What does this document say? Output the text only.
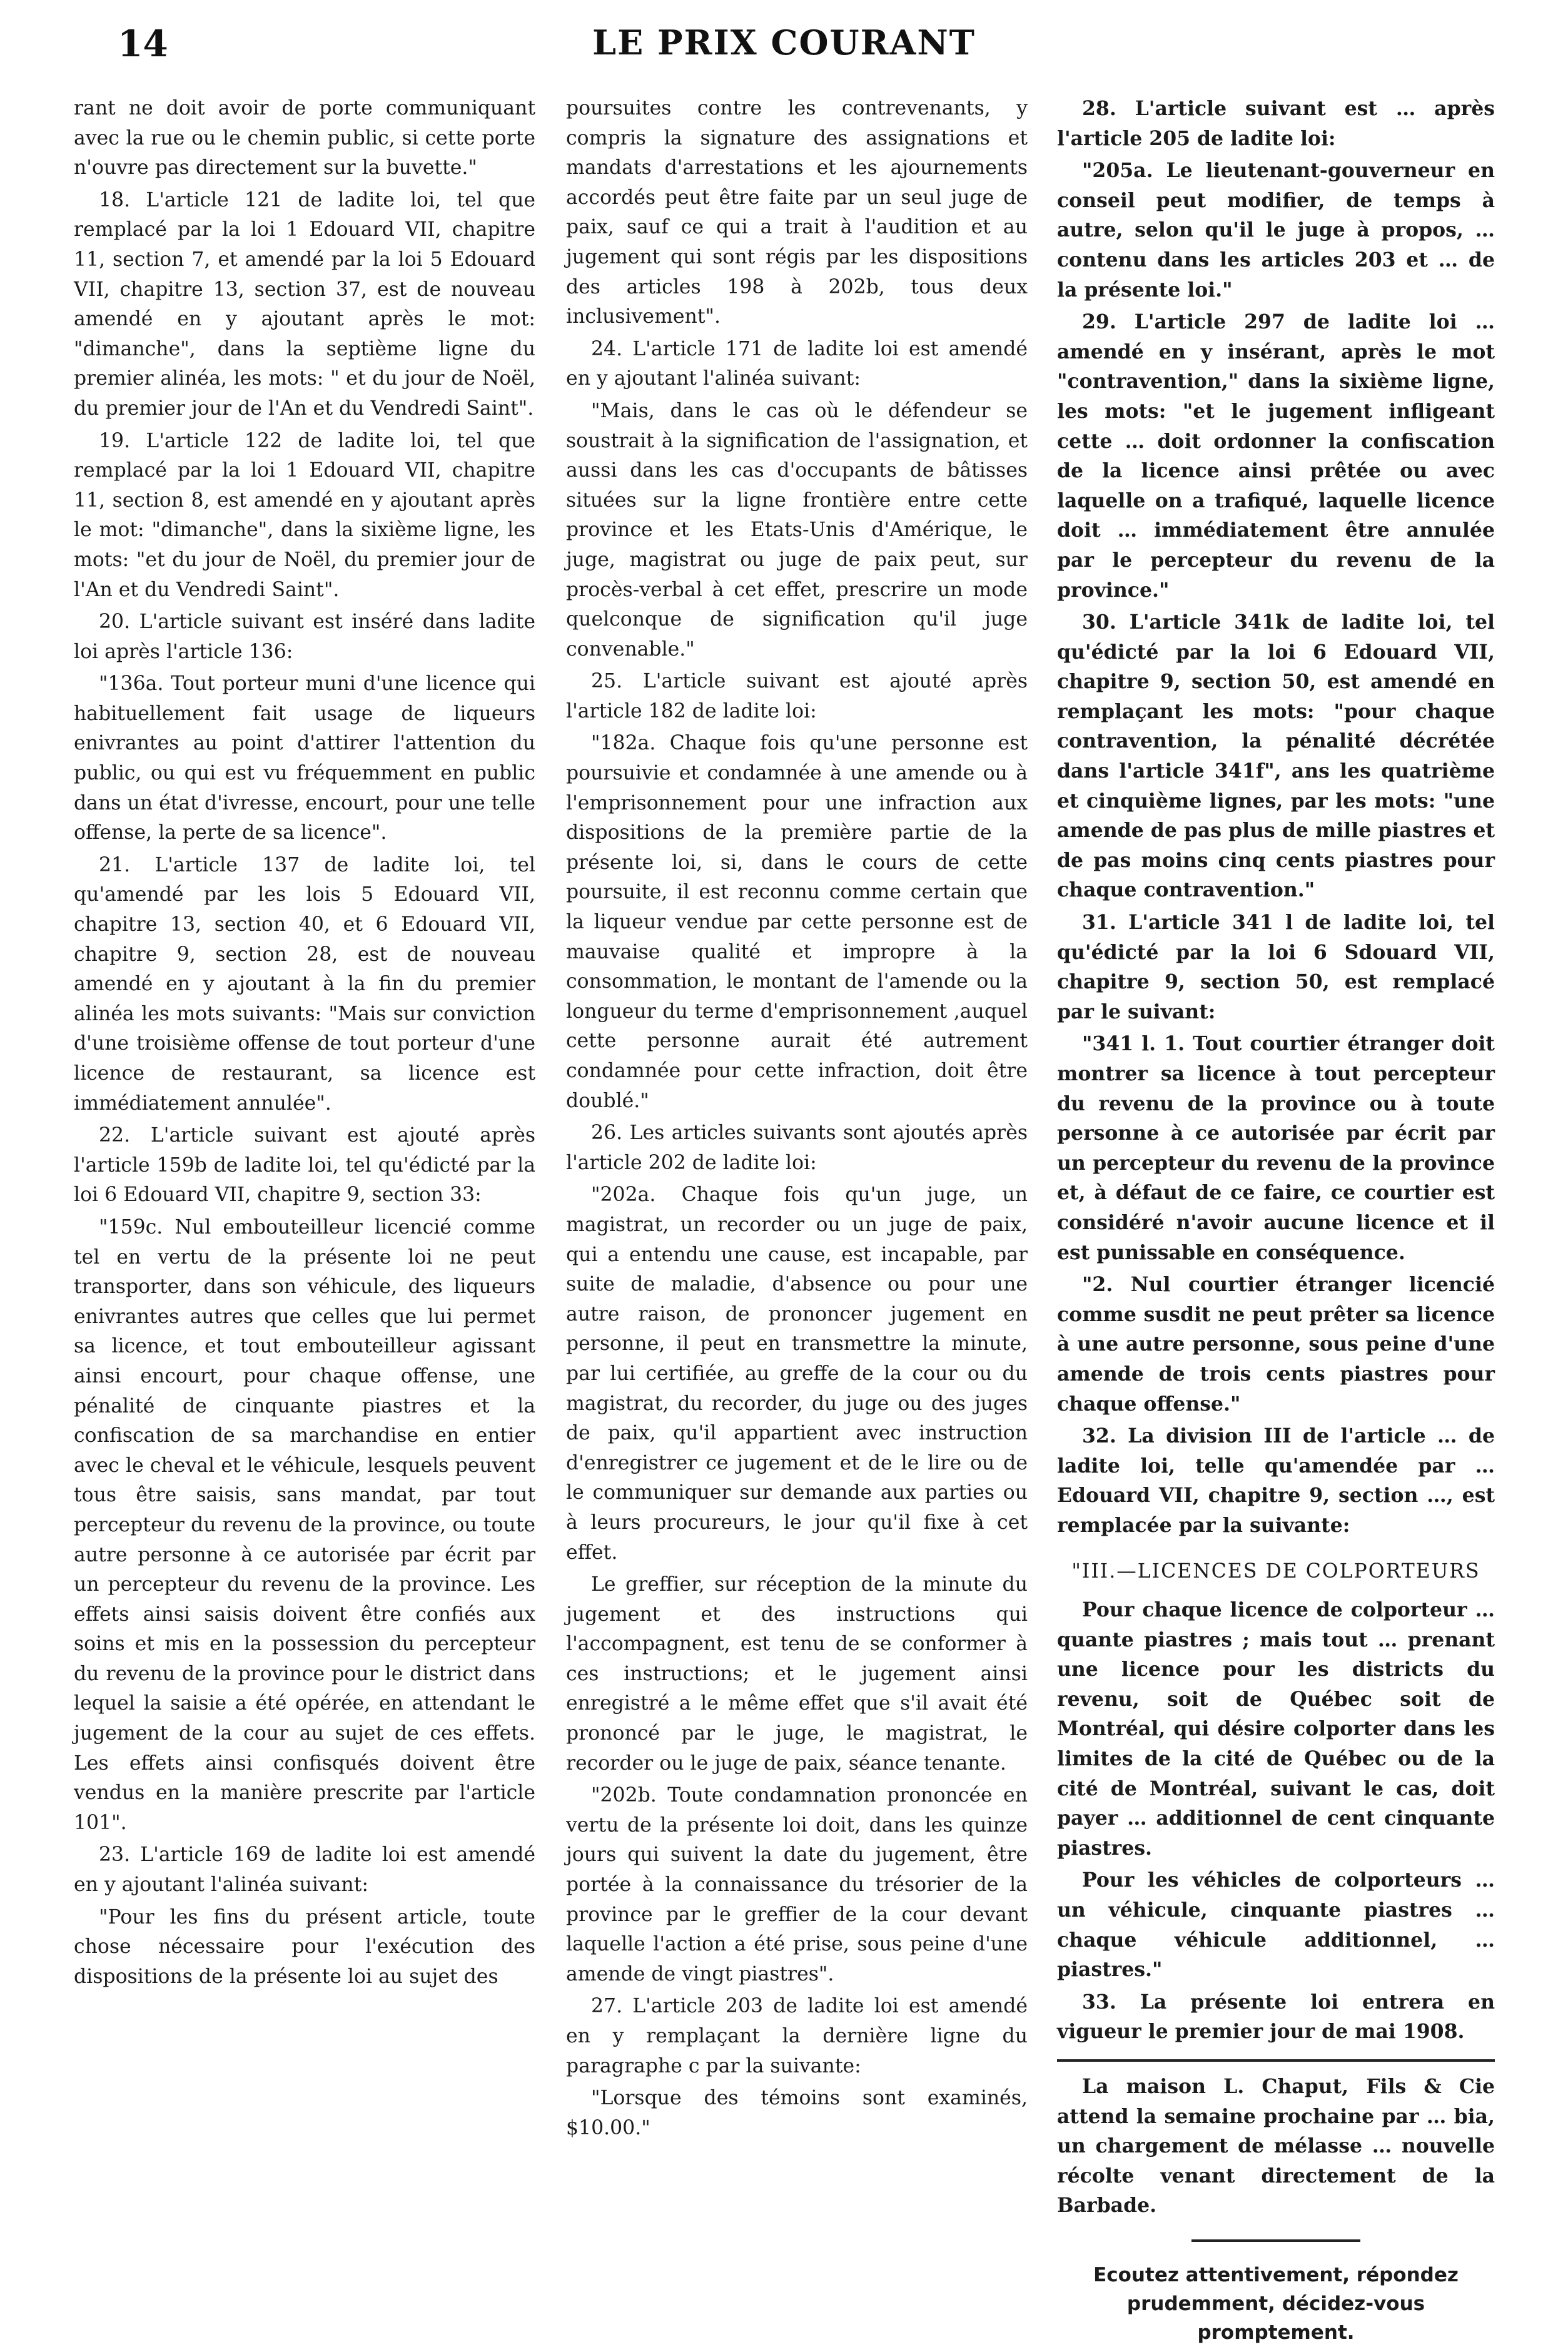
14	LE PRIX COURANT

rant ne doit avoir de porte communiquant avec la rue ou le chemin public, si cette porte n'ouvre pas directement sur la buvette."

18. L'article 121 de ladite loi, tel que remplacé par la loi 1 Edouard VII, chapitre 11, section 7, et amendé par la loi 5 Edouard VII, chapitre 13, section 37, est de nouveau amendé en y ajoutant après le mot: "dimanche", dans la septième ligne du premier alinéa, les mots: " et du jour de Noël, du premier jour de l'An et du Vendredi Saint".

19. L'article 122 de ladite loi, tel que remplacé par la loi 1 Edouard VII, chapitre 11, section 8, est amendé en y ajoutant après le mot: "dimanche", dans la sixième ligne, les mots: "et du jour de Noël, du premier jour de l'An et du Vendredi Saint".

20. L'article suivant est inséré dans ladite loi après l'article 136:

"136a. Tout porteur muni d'une licence qui habituellement fait usage de liqueurs enivrantes au point d'attirer l'attention du public, ou qui est vu fréquemment en public dans un état d'ivresse, encourt, pour une telle offense, la perte de sa licence".

21. L'article 137 de ladite loi, tel qu'amendé par les lois 5 Edouard VII, chapitre 13, section 40, et 6 Edouard VII, chapitre 9, section 28, est de nouveau amendé en y ajoutant à la fin du premier alinéa les mots suivants: "Mais sur conviction d'une troisième offense de tout porteur d'une licence de restaurant, sa licence est immédiatement annulée".

22. L'article suivant est ajouté après l'article 159b de ladite loi, tel qu'édicté par la loi 6 Edouard VII, chapitre 9, section 33:

"159c. Nul embouteilleur licencié comme tel en vertu de la présente loi ne peut transporter, dans son véhicule, des liqueurs enivrantes autres que celles que lui permet sa licence, et tout embouteilleur agissant ainsi encourt, pour chaque offense, une pénalité de cinquante piastres et la confiscation de sa marchandise en entier avec le cheval et le véhicule, lesquels peuvent tous être saisis, sans mandat, par tout percepteur du revenu de la province, ou toute autre personne à ce autorisée par écrit par un percepteur du revenu de la province. Les effets ainsi saisis doivent être confiés aux soins et mis en la possession du percepteur du revenu de la province pour le district dans lequel la saisie a été opérée, en attendant le jugement de la cour au sujet de ces effets. Les effets ainsi confisqués doivent être vendus en la manière prescrite par l'article 101".

23. L'article 169 de ladite loi est amendé en y ajoutant l'alinéa suivant:

"Pour les fins du présent article, toute chose nécessaire pour l'exécution des dispositions de la présente loi au sujet des

poursuites contre les contrevenants, y compris la signature des assignations et mandats d'arrestations et les ajournements accordés peut être faite par un seul juge de paix, sauf ce qui a trait à l'audition et au jugement qui sont régis par les dispositions des articles 198 à 202b, tous deux inclusivement".

24. L'article 171 de ladite loi est amendé en y ajoutant l'alinéa suivant:

"Mais, dans le cas où le défendeur se soustrait à la signification de l'assignation, et aussi dans les cas d'occupants de bâtisses situées sur la ligne frontière entre cette province et les Etats-Unis d'Amérique, le juge, magistrat ou juge de paix peut, sur procès-verbal à cet effet, prescrire un mode quelconque de signification qu'il juge convenable."

25. L'article suivant est ajouté après l'article 182 de ladite loi:

"182a. Chaque fois qu'une personne est poursuivie et condamnée à une amende ou à l'emprisonnement pour une infraction aux dispositions de la première partie de la présente loi, si, dans le cours de cette poursuite, il est reconnu comme certain que la liqueur vendue par cette personne est de mauvaise qualité et impropre à la consommation, le montant de l'amende ou la longueur du terme d'emprisonnement ,auquel cette personne aurait été autrement condamnée pour cette infraction, doit être doublé."

26. Les articles suivants sont ajoutés après l'article 202 de ladite loi:

"202a. Chaque fois qu'un juge, un magistrat, un recorder ou un juge de paix, qui a entendu une cause, est incapable, par suite de maladie, d'absence ou pour une autre raison, de prononcer jugement en personne, il peut en transmettre la minute, par lui certifiée, au greffe de la cour ou du magistrat, du recorder, du juge ou des juges de paix, qu'il appartient avec instruction d'enregistrer ce jugement et de le lire ou de le communiquer sur demande aux parties ou à leurs procureurs, le jour qu'il fixe à cet effet.

Le greffier, sur réception de la minute du jugement et des instructions qui l'accompagnent, est tenu de se conformer à ces instructions; et le jugement ainsi enregistré a le même effet que s'il avait été prononcé par le juge, le magistrat, le recorder ou le juge de paix, séance tenante.

"202b. Toute condamnation prononcée en vertu de la présente loi doit, dans les quinze jours qui suivent la date du jugement, être portée à la connaissance du trésorier de la province par le greffier de la cour devant laquelle l'action a été prise, sous peine d'une amende de vingt piastres".

27. L'article 203 de ladite loi est amendé en y remplaçant la dernière ligne du paragraphe c par la suivante:

"Lorsque des témoins sont examinés, $10.00."

28. L'article suivant est … après l'article 205 de ladite loi:

"205a. Le lieutenant-gouverneur en conseil peut modifier, de temps à autre, selon qu'il le juge à propos, … contenu dans les articles 203 et … de la présente loi."

29. L'article 297 de ladite loi … amendé en y insérant, après le mot "contravention," dans la sixième ligne, les mots: "et le jugement infligeant cette … doit ordonner la confiscation de la licence ainsi prêtée ou avec laquelle on a trafiqué, laquelle licence doit … immédiatement être annulée par le percepteur du revenu de la province."

30. L'article 341k de ladite loi, tel qu'édicté par la loi 6 Edouard VII, chapitre 9, section 50, est amendé en remplaçant les mots: "pour chaque contravention, la pénalité décrétée dans l'article 341f", ans les quatrième et cinquième lignes, par les mots: "une amende de pas plus de mille piastres et de pas moins cinq cents piastres pour chaque contravention."

31. L'article 341 l de ladite loi, tel qu'édicté par la loi 6 Sdouard VII, chapitre 9, section 50, est remplacé par le suivant:

"341 l. 1. Tout courtier étranger doit montrer sa licence à tout percepteur du revenu de la province ou à toute personne à ce autorisée par écrit par un percepteur du revenu de la province et, à défaut de ce faire, ce courtier est considéré n'avoir aucune licence et il est punissable en conséquence.

"2. Nul courtier étranger licencié comme susdit ne peut prêter sa licence à une autre personne, sous peine d'une amende de trois cents piastres pour chaque offense."

32. La division III de l'article … de ladite loi, telle qu'amendée par … Edouard VII, chapitre 9, section …, est remplacée par la suivante:

"III.—LICENCES DE COLPORTEURS

Pour chaque licence de colporteur … quante piastres ; mais tout … prenant une licence pour les districts du revenu, soit de Québec soit de Montréal, qui désire colporter dans les limites de la cité de Québec ou de la cité de Montréal, suivant le cas, doit payer … additionnel de cent cinquante piastres.

Pour les véhicles de colporteurs … un véhicule, cinquante piastres … chaque véhicule additionnel, … piastres."

33. La présente loi entrera en vigueur le premier jour de mai 1908.

La maison L. Chaput, Fils & Cie attend la semaine prochaine par … bia, un chargement de mélasse … nouvelle récolte venant directement de la Barbade.

Ecoutez attentivement, répondez prudemment, décidez-vous promptement.
